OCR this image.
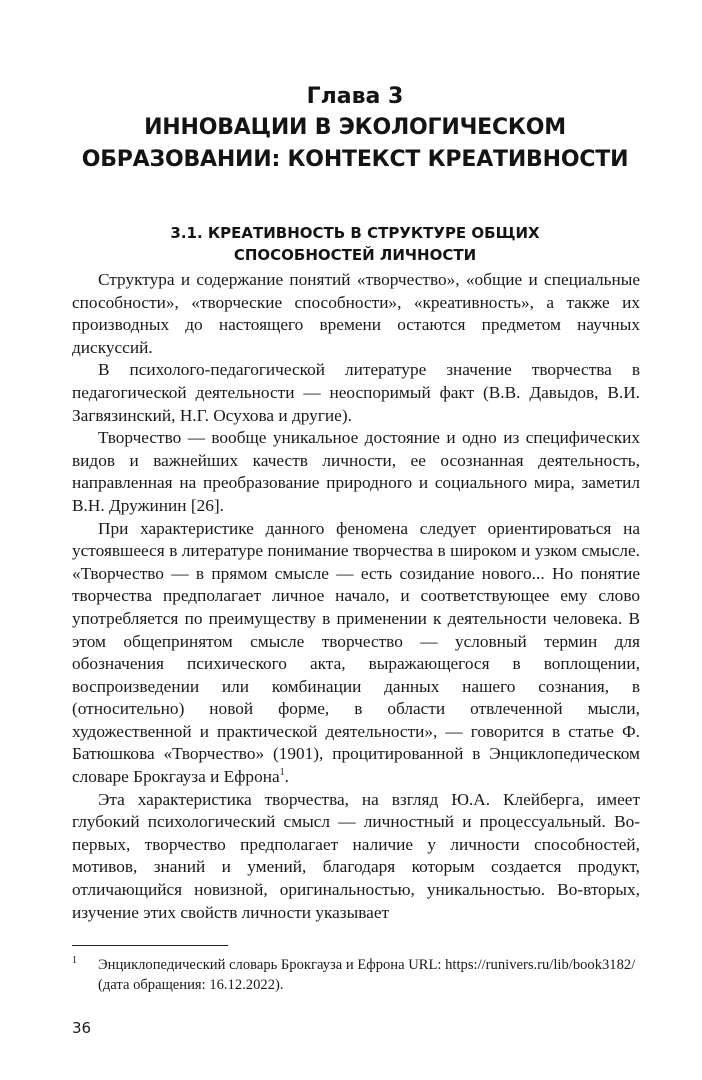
Глава 3
ИННОВАЦИИ В ЭКОЛОГИЧЕСКОМ
ОБРАЗОВАНИИ: КОНТЕКСТ КРЕАТИВНОСТИ
3.1. КРЕАТИВНОСТЬ В СТРУКТУРЕ ОБЩИХ
СПОСОБНОСТЕЙ ЛИЧНОСТИ

Структура и содержание понятий «творчество», «общие и специальные способности», «творческие способности», «креативность», а также их производных до настоящего времени остаются предметом научных дискуссий.

В психолого-педагогической литературе значение творчества в педагогической деятельности — неоспоримый факт (В.В. Давыдов, В.И. Загвязинский, Н.Г. Осухова и другие).

Творчество — вообще уникальное достояние и одно из специфических видов и важнейших качеств личности, ее осознанная деятельность, направленная на преобразование природного и социального мира, заметил В.Н. Дружинин [26].

При характеристике данного феномена следует ориентироваться на устоявшееся в литературе понимание творчества в широком и узком смысле. «Творчество — в прямом смысле — есть созидание нового... Но понятие творчества предполагает личное начало, и соответствующее ему слово употребляется по преимуществу в применении к деятельности человека. В этом общепринятом смысле творчество — условный термин для обозначения психического акта, выражающегося в воплощении, воспроизведении или комбинации данных нашего сознания, в (относительно) новой форме, в области отвлеченной мысли, художественной и практической деятельности», — говорится в статье Ф. Батюшкова «Творчество» (1901), процитированной в Энциклопедическом словаре Брокгауза и Ефрона$^1$.

Эта характеристика творчества, на взгляд Ю.А. Клейберга, имеет глубокий психологический смысл — личностный и процессуальный. Во-первых, творчество предполагает наличие у личности способностей, мотивов, знаний и умений, благодаря которым создается продукт, отличающийся новизной, оригинальностью, уникальностью. Во-вторых, изучение этих свойств личности указывает

1 Энциклопедический словарь Брокгауза и Ефрона URL: https://runivers.ru/lib/book3182/ (дата обращения: 16.12.2022).
36
